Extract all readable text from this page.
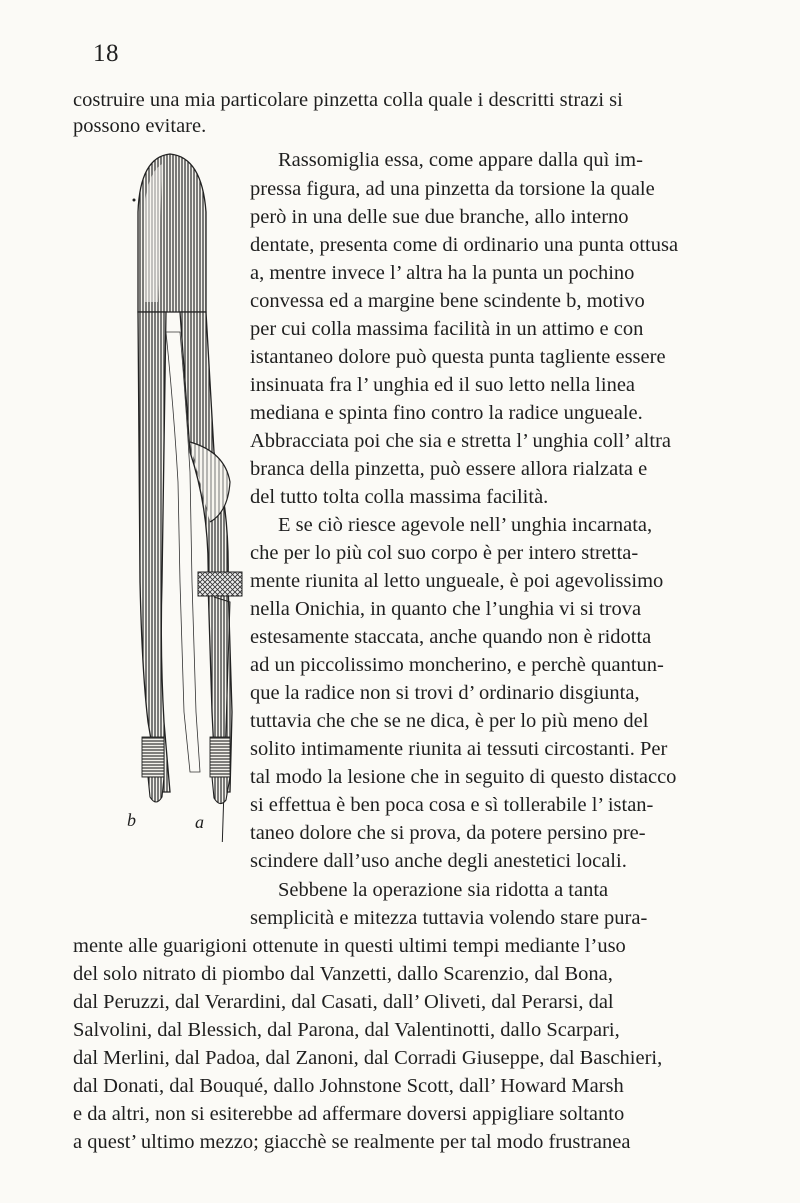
18
costruire una mia particolare pinzetta colla quale i descritti strazi si
possono evitare.
Rassomiglia essa, come appare dalla quì im-
pressa figura, ad una pinzetta da torsione la quale
però in una delle sue due branche, allo interno
dentate, presenta come di ordinario una punta ottusa
a, mentre invece l’ altra ha la punta un pochino
convessa ed a margine bene scindente b, motivo
per cui colla massima facilità in un attimo e con
istantaneo dolore può questa punta tagliente essere
insinuata fra l’ unghia ed il suo letto nella linea
mediana e spinta fino contro la radice ungueale.
Abbracciata poi che sia e stretta l’ unghia coll’ altra
branca della pinzetta, può essere allora rialzata e
del tutto tolta colla massima facilità.
E se ciò riesce agevole nell’ unghia incarnata,
che per lo più col suo corpo è per intero stretta-
mente riunita al letto ungueale, è poi agevolissimo
nella Onichia, in quanto che l’unghia vi si trova
estesamente staccata, anche quando non è ridotta
ad un piccolissimo moncherino, e perchè quantun-
que la radice non si trovi d’ ordinario disgiunta,
tuttavia che che se ne dica, è per lo più meno del
solito intimamente riunita ai tessuti circostanti. Per
tal modo la lesione che in seguito di questo distacco
si effettua è ben poca cosa e sì tollerabile l’ istan-
taneo dolore che si prova, da potere persino pre-
scindere dall’uso anche degli anestetici locali.
Sebbene la operazione sia ridotta a tanta
semplicità e mitezza tuttavia volendo stare pura-
mente alle guarigioni ottenute in questi ultimi tempi mediante l’uso
del solo nitrato di piombo dal Vanzetti, dallo Scarenzio, dal Bona,
dal Peruzzi, dal Verardini, dal Casati, dall’ Oliveti, dal Perarsi, dal
Salvolini, dal Blessich, dal Parona, dal Valentinotti, dallo Scarpari,
dal Merlini, dal Padoa, dal Zanoni, dal Corradi Giuseppe, dal Baschieri,
dal Donati, dal Bouqué, dallo Johnstone Scott, dall’ Howard Marsh
e da altri, non si esiterebbe ad affermare doversi appigliare soltanto
a quest’ ultimo mezzo; giacchè se realmente per tal modo frustranea
b	a
